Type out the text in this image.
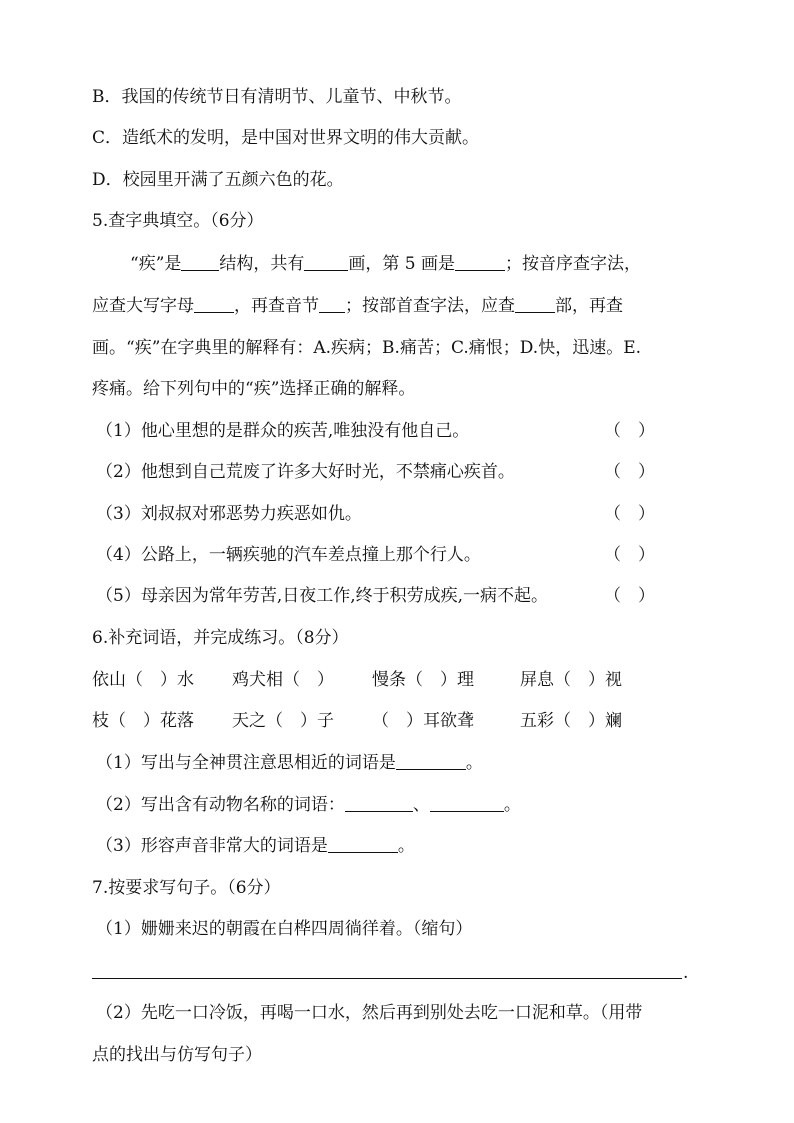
B．我国的传统节日有清明节、儿童节、中秋节。
C．造纸术的发明，是中国对世界文明的伟大贡献。
D．校园里开满了五颜六色的花。
5.查字典填空。（6分）
“疾”是 结构，共有	画，第 5 画是	；按音序查字法，
应查大写字母 ，再查音节 ；按部首查字法，应查 部，再查
画。“疾”在字典里的解释有：A.疾病；B.痛苦；C.痛恨；D.快，迅速。E.
疼痛。给下列句中的“疾”选择正确的解释。
（1）他心里想的是群众的疾苦,唯独没有他自己。	（　）
（2）他想到自己荒废了许多大好时光，不禁痛心疾首。	（　）
（3）刘叔叔对邪恶势力疾恶如仇。	（　）
（4）公路上，一辆疾驰的汽车差点撞上那个行人。	（　）
（5）母亲因为常年劳苦,日夜工作,终于积劳成疾,一病不起。	（　）
6.补充词语，并完成练习。（8分）
依山（　）水 鸡犬相（　） 慢条（　）理	屏息（　）视
枝（　）花落 天之（　）子 （　）耳欲聋	五彩（　）斓
（1）写出与全神贯注意思相近的词语是	。
（2）写出含有动物名称的词语：	、	。
（3）形容声音非常大的词语是	。
7.按要求写句子。（6分）
（1）姗姗来迟的朝霞在白桦四周徜徉着。（缩句）
.
（2）先吃一口冷饭，再喝一口水，然后再到别处去吃一口泥和草。（用带
点的找出与仿写句子）
